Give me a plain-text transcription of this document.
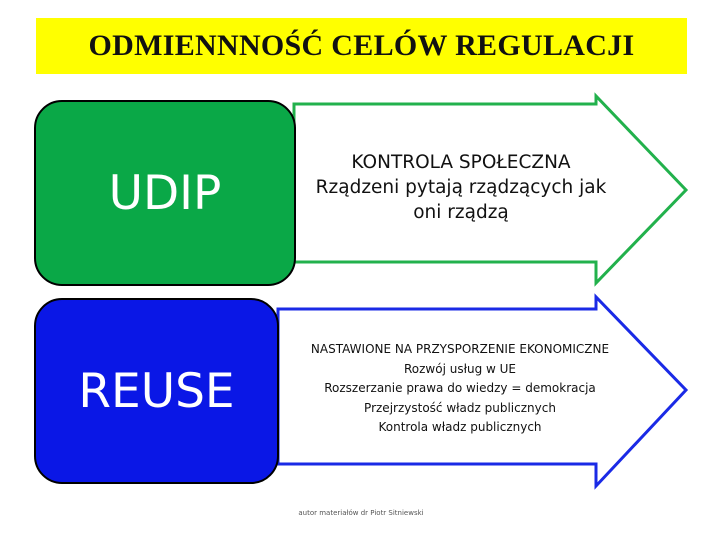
ODMIENNNOŚĆ CELÓW REGULACJI
UDIP
REUSE
KONTROLA SPOŁECZNA
Rządzeni pytają rządzących jak
oni rządzą
NASTAWIONE NA PRZYSPORZENIE EKONOMICZNE
Rozwój usług w UE
Rozszerzanie prawa do wiedzy = demokracja
Przejrzystość władz publicznych
Kontrola władz publicznych
autor materiałów dr Piotr Sitniewski
